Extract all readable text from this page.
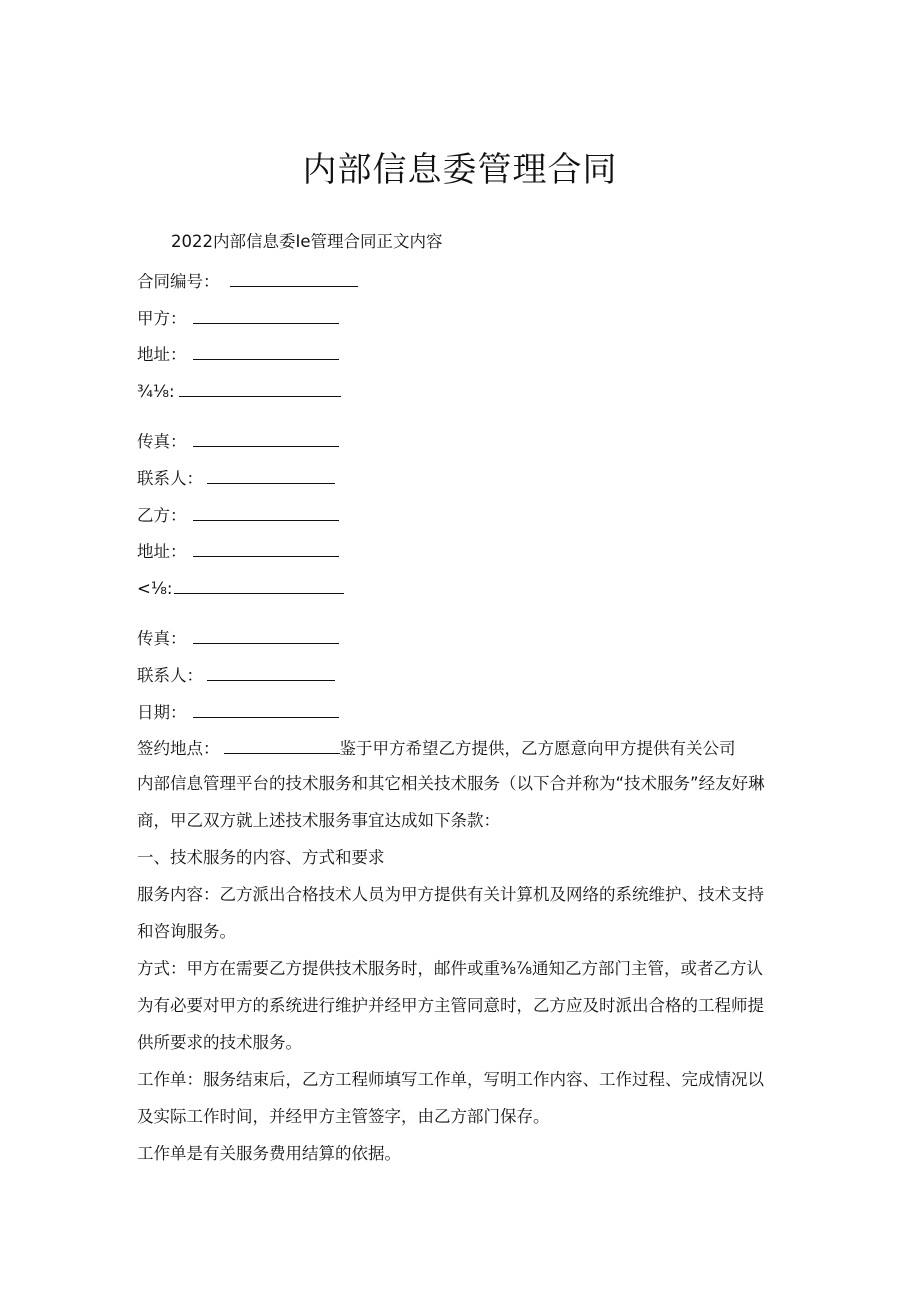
内部信息委管理合同
2022内部信息委Ie管理合同正文内容
合同编号：
甲方：
地址：
¾⅛:
传真：
联系人：
乙方：
地址：
<⅛:
传真：
联系人：
日期：
签约地点：	鉴于甲方希望乙方提供，乙方愿意向甲方提供有关公司
内部信息管理平台的技术服务和其它相关技术服务（以下合并称为“技术服务”经友好琳商，甲乙双方就上述技术服务事宜达成如下条款：
一、技术服务的内容、方式和要求
服务内容：乙方派出合格技术人员为甲方提供有关计算机及网络的系统维护、技术支持和咨询服务。
方式：甲方在需要乙方提供技术服务时，邮件或重⅜⅞通知乙方部门主管，或者乙方认为有必要对甲方的系统进行维护并经甲方主管同意时，乙方应及时派出合格的工程师提供所要求的技术服务。
工作单：服务结束后，乙方工程师填写工作单，写明工作内容、工作过程、完成情况以及实际工作时间，并经甲方主管签字，由乙方部门保存。
工作单是有关服务费用结算的依据。
